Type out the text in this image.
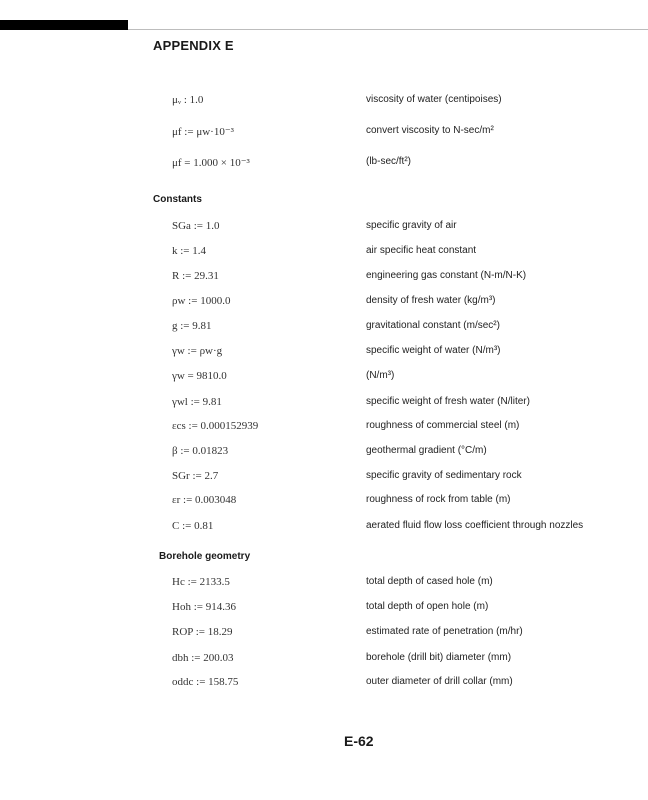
APPENDIX E
μᵥ : 1.0	viscosity of water (centipoises)
μf := μw·10⁻³	convert viscosity to N-sec/m²
μf = 1.000 × 10⁻³	(lb-sec/ft²)
Constants
SGa := 1.0	specific gravity of air
k := 1.4	air specific heat constant
R := 29.31	engineering gas constant (N-m/N-K)
ρw := 1000.0	density of fresh water (kg/m³)
g := 9.81	gravitational constant (m/sec²)
γw := ρw·g	specific weight of water (N/m³)
γw = 9810.0	(N/m³)
γwl := 9.81	specific weight of fresh water (N/liter)
εcs := 0.000152939	roughness of commercial steel (m)
β := 0.01823	geothermal gradient (°C/m)
SGr := 2.7	specific gravity of sedimentary rock
εr := 0.003048	roughness of rock from table (m)
C := 0.81	aerated fluid flow loss coefficient through nozzles
Borehole geometry
Hc := 2133.5	total depth of cased hole (m)
Hoh := 914.36	total depth of open hole (m)
ROP := 18.29	estimated rate of penetration (m/hr)
dbh := 200.03	borehole (drill bit) diameter (mm)
oddc := 158.75	outer diameter of drill collar (mm)
E-62
